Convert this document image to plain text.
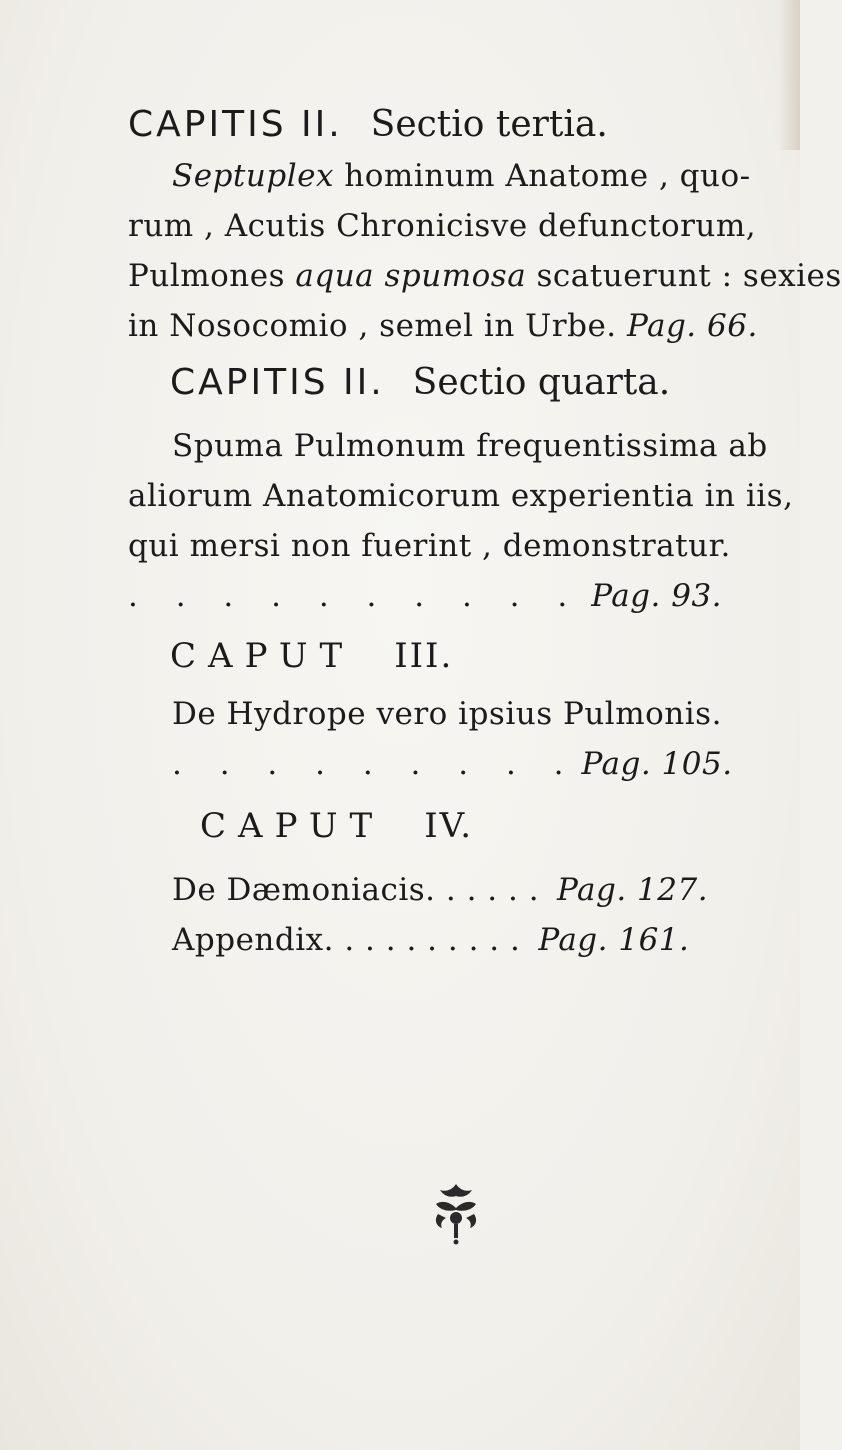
CAPITIS II. Sectio tertia.
Septuplex hominum Anatome , quo-
rum , Acutis Chronicisve defunctorum,
Pulmones aqua spumosa scatuerunt : sexies
in Nosocomio , semel in Urbe. Pag. 66.
CAPITIS II. Sectio quarta.
Spuma Pulmonum frequentissima ab
aliorum Anatomicorum experientia in iis,
qui mersi non fuerint , demonstratur.
. . . . . . . . . . Pag. 93.
CAPUT III.
De Hydrope vero ipsius Pulmonis.
. . . . . . . . . Pag. 105.
CAPUT IV.
De Dæmoniacis. . . . . . Pag. 127.
Appendix. . . . . . . . . . Pag. 161.
